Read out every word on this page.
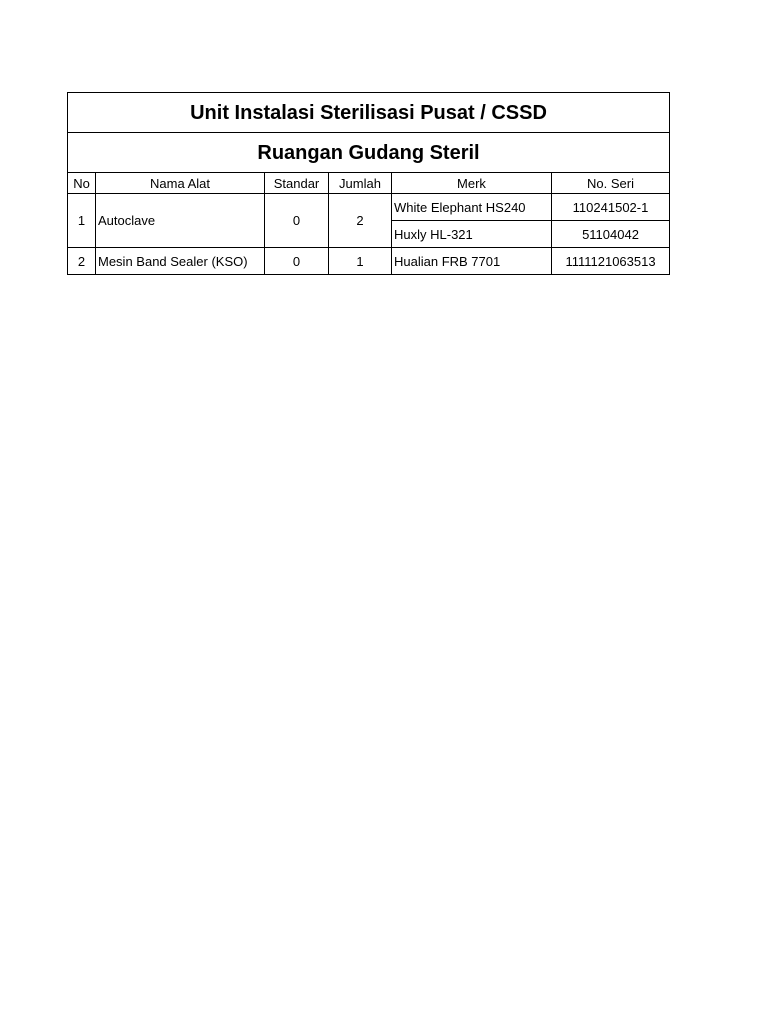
Unit Instalasi Sterilisasi Pusat / CSSD					
Ruangan Gudang Steril					
No	Nama Alat	Standar	Jumlah	Merk	No. Seri
1	Autoclave	0	2	White Elephant HS240	110241502-1
				Huxly HL-321	51104042
2	Mesin Band Sealer (KSO)	0	1	Hualian FRB 7701	1111121063513
